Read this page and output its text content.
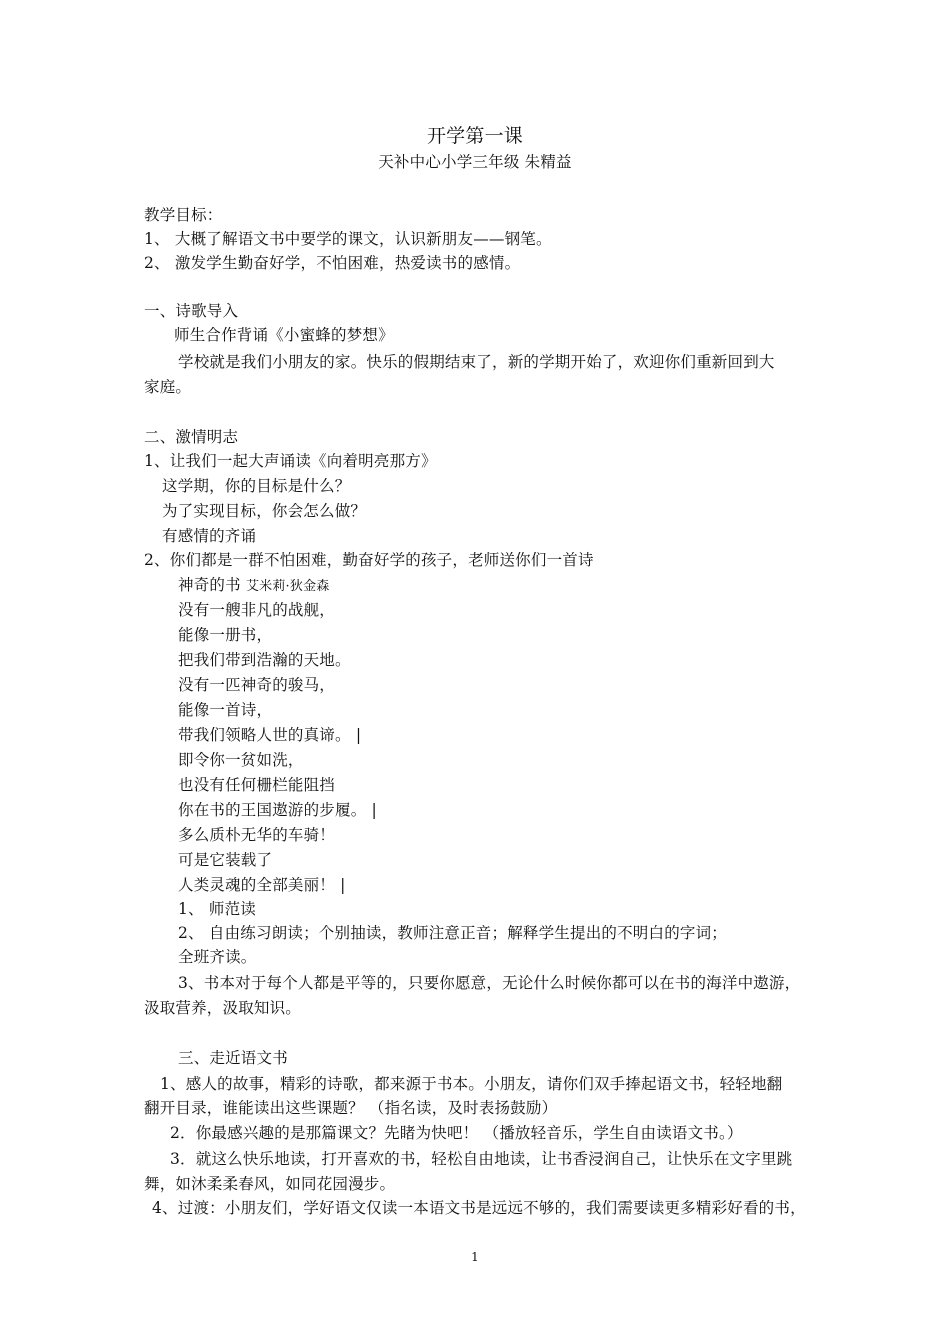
开学第一课
天补中心小学三年级 朱精益
教学目标：
1、 大概了解语文书中要学的课文，认识新朋友——钢笔。
2、 激发学生勤奋好学，不怕困难，热爱读书的感情。
一、诗歌导入
师生合作背诵《小蜜蜂的梦想》
学校就是我们小朋友的家。快乐的假期结束了，新的学期开始了，欢迎你们重新回到大
家庭。
二、激情明志
1、让我们一起大声诵读《向着明亮那方》
这学期，你的目标是什么？
为了实现目标，你会怎么做？
有感情的齐诵
2、你们都是一群不怕困难，勤奋好学的孩子，老师送你们一首诗
神奇的书 艾米莉·狄金森
没有一艘非凡的战舰，
能像一册书，
把我们带到浩瀚的天地。
没有一匹神奇的骏马，
能像一首诗，
带我们领略人世的真谛。 |
即令你一贫如洗，
也没有任何栅栏能阻挡
你在书的王国遨游的步履。 |
多么质朴无华的车骑！
可是它装载了
人类灵魂的全部美丽！ |
1、 师范读
2、 自由练习朗读；个别抽读，教师注意正音；解释学生提出的不明白的字词；
全班齐读。
3、书本对于每个人都是平等的，只要你愿意，无论什么时候你都可以在书的海洋中遨游，
汲取营养，汲取知识。
三、走近语文书
1、感人的故事，精彩的诗歌，都来源于书本。小朋友，请你们双手捧起语文书，轻轻地翻
翻开目录，谁能读出这些课题？ （指名读，及时表扬鼓励）
2．你最感兴趣的是那篇课文？先睹为快吧！ （播放轻音乐，学生自由读语文书。）
3．就这么快乐地读，打开喜欢的书，轻松自由地读，让书香浸润自己，让快乐在文字里跳
舞，如沐柔柔春风，如同花园漫步。
4、过渡：小朋友们，学好语文仅读一本语文书是远远不够的，我们需要读更多精彩好看的书，
1
